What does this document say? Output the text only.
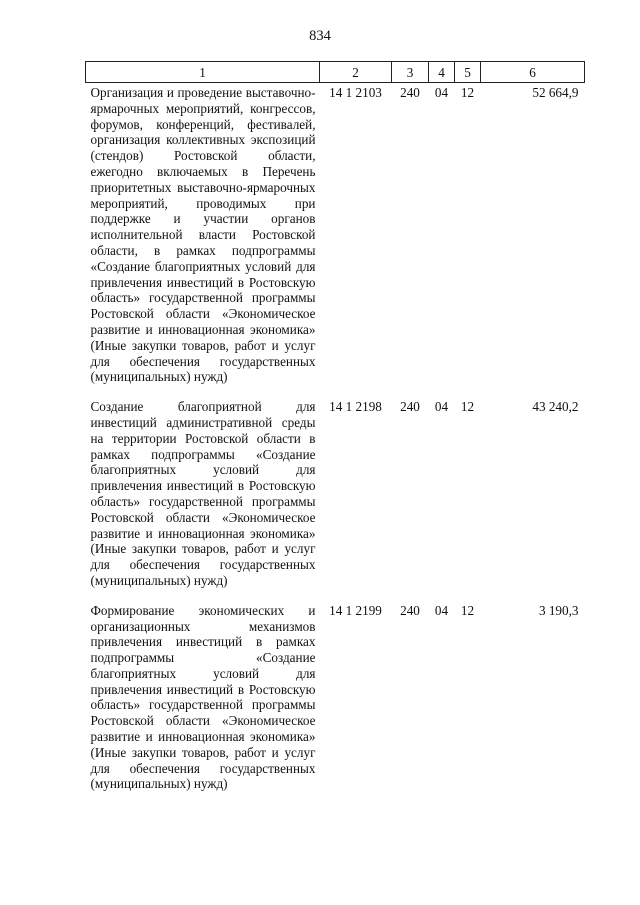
834
1	2	3	4	5	6
Организация и проведение выставочно-ярмарочных мероприятий, конгрессов, форумов, конференций, фестивалей, организация коллективных экспозиций (стендов) Ростовской области, ежегодно включаемых в Перечень приоритетных выставочно-ярмарочных мероприятий, проводимых при поддержке и участии органов исполнительной власти Ростовской области, в рамках подпрограммы «Создание благоприятных условий для привлечения инвестиций в Ростовскую область» государственной программы Ростовской области «Экономическое развитие и инновационная экономика» (Иные закупки товаров, работ и услуг для обеспечения государственных (муниципальных) нужд)	14 1 2103	240	04	12	52 664,9
Создание благоприятной для инвестиций административной среды на территории Ростовской области в рамках подпрограммы «Создание благоприятных условий для привлечения инвестиций в Ростовскую область» государственной программы Ростовской области «Экономическое развитие и инновационная экономика» (Иные закупки товаров, работ и услуг для обеспечения государственных (муниципальных) нужд)	14 1 2198	240	04	12	43 240,2
Формирование экономических и организационных механизмов привлечения инвестиций в рамках подпрограммы «Создание благоприятных условий для привлечения инвестиций в Ростовскую область» государственной программы Ростовской области «Экономическое развитие и инновационная экономика» (Иные закупки товаров, работ и услуг для обеспечения государственных (муниципальных) нужд)	14 1 2199	240	04	12	3 190,3
